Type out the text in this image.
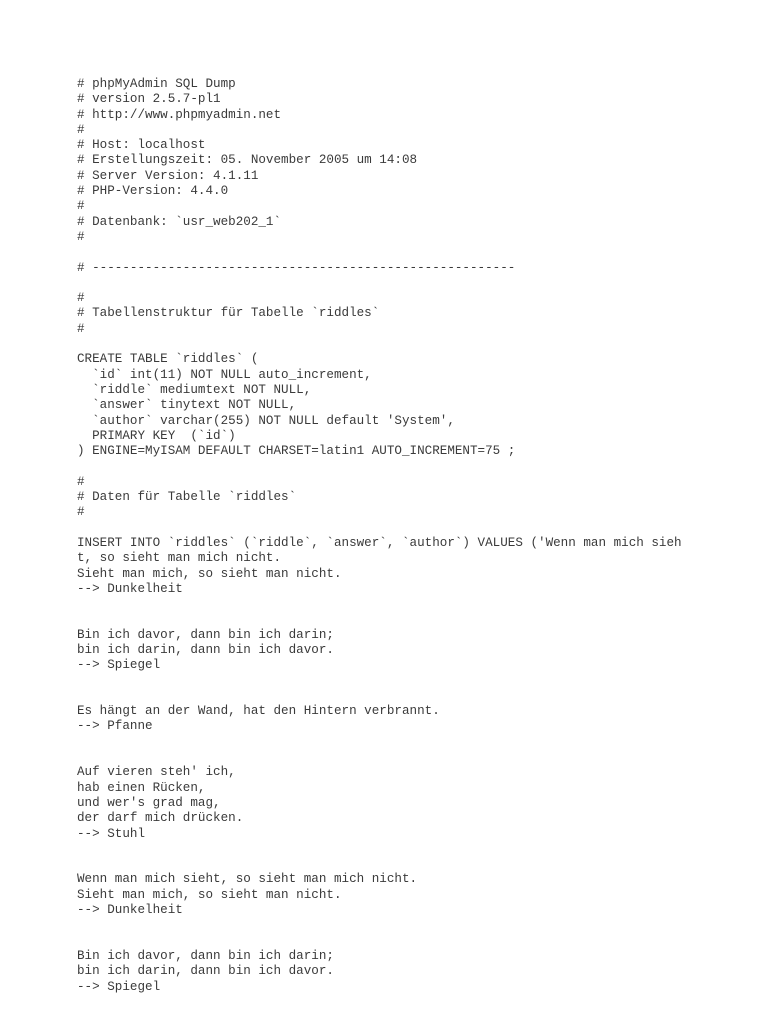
# phpMyAdmin SQL Dump
# version 2.5.7-pl1
# http://www.phpmyadmin.net
#
# Host: localhost
# Erstellungszeit: 05. November 2005 um 14:08
# Server Version: 4.1.11
# PHP-Version: 4.4.0
#
# Datenbank: `usr_web202_1`
#

# --------------------------------------------------------

#
# Tabellenstruktur für Tabelle `riddles`
#

CREATE TABLE `riddles` (
`id` int(11) NOT NULL auto_increment,
`riddle` mediumtext NOT NULL,
`answer` tinytext NOT NULL,
`author` varchar(255) NOT NULL default 'System',
PRIMARY KEY  (`id`)
) ENGINE=MyISAM DEFAULT CHARSET=latin1 AUTO_INCREMENT=75 ;

#
# Daten für Tabelle `riddles`
#

INSERT INTO `riddles` (`riddle`, `answer`, `author`) VALUES ('Wenn man mich sieh
t, so sieht man mich nicht.
Sieht man mich, so sieht man nicht.
--> Dunkelheit

Bin ich davor, dann bin ich darin;
bin ich darin, dann bin ich davor.
--> Spiegel

Es hängt an der Wand, hat den Hintern verbrannt.
--> Pfanne

Auf vieren steh' ich,
hab einen Rücken,
und wer's grad mag,
der darf mich drücken.
--> Stuhl

Wenn man mich sieht, so sieht man mich nicht.
Sieht man mich, so sieht man nicht.
--> Dunkelheit

Bin ich davor, dann bin ich darin;
bin ich darin, dann bin ich davor.
--> Spiegel
